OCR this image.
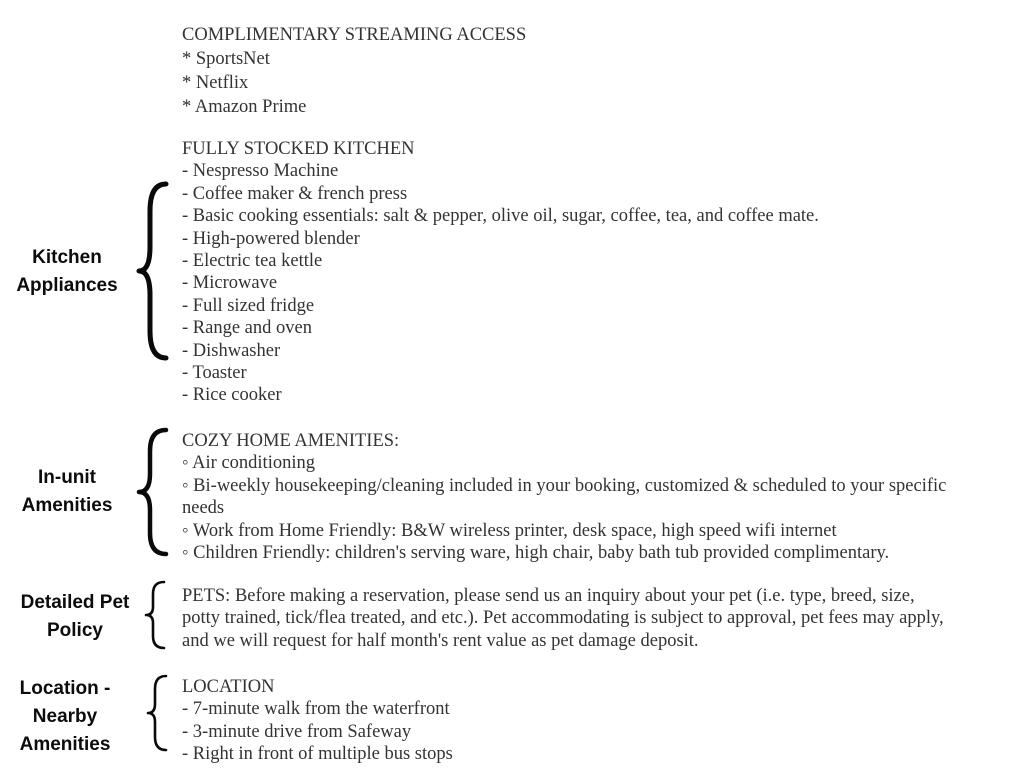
Kitchen
Appliances
In-unit
Amenities
Detailed Pet
Policy
Location -
Nearby
Amenities
COMPLIMENTARY STREAMING ACCESS
* SportsNet
* Netflix
* Amazon Prime
FULLY STOCKED KITCHEN
- Nespresso Machine
- Coffee maker & french press
- Basic cooking essentials: salt & pepper, olive oil, sugar, coffee, tea, and coffee mate.
- High-powered blender
- Electric tea kettle
- Microwave
- Full sized fridge
- Range and oven
- Dishwasher
- Toaster
- Rice cooker
COZY HOME AMENITIES:
◦ Air conditioning
◦ Bi-weekly housekeeping/cleaning included in your booking, customized & scheduled to your specific
needs
◦ Work from Home Friendly: B&W wireless printer, desk space, high speed wifi internet
◦ Children Friendly: children's serving ware, high chair, baby bath tub provided complimentary.
PETS: Before making a reservation, please send us an inquiry about your pet (i.e. type, breed, size,
potty trained, tick/flea treated, and etc.). Pet accommodating is subject to approval, pet fees may apply,
and we will request for half month's rent value as pet damage deposit.
LOCATION
- 7-minute walk from the waterfront
- 3-minute drive from Safeway
- Right in front of multiple bus stops
